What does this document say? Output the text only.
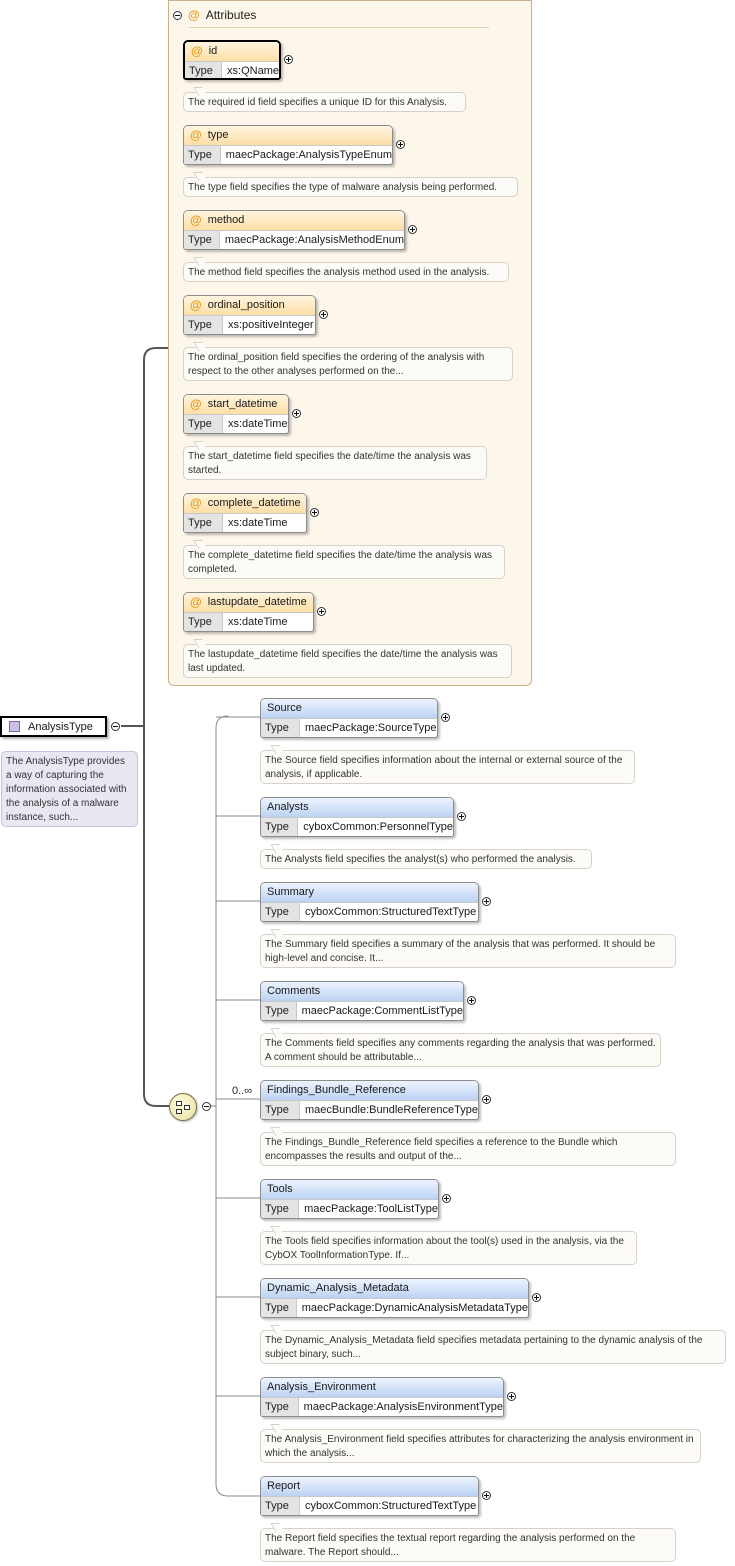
@ Attributes
@ id
Type	xs:QName
The required id field specifies a unique ID for this Analysis.
@ type
Type	maecPackage:AnalysisTypeEnum
The type field specifies the type of malware analysis being performed.
@ method
Type	maecPackage:AnalysisMethodEnum
The method field specifies the analysis method used in the analysis.
@ ordinal_position
Type	xs:positiveInteger
The ordinal_position field specifies the ordering of the analysis with respect to the other analyses performed on the...
@ start_datetime
Type	xs:dateTime
The start_datetime field specifies the date/time the analysis was started.
@ complete_datetime
Type	xs:dateTime
The complete_datetime field specifies the date/time the analysis was completed.
@ lastupdate_datetime
Type	xs:dateTime
The lastupdate_datetime field specifies the date/time the analysis was last updated.
Source
Type	maecPackage:SourceType
The Source field specifies information about the internal or external source of the analysis, if applicable.
Analysts
Type	cyboxCommon:PersonnelType
The Analysts field specifies the analyst(s) who performed the analysis.
Summary
Type	cyboxCommon:StructuredTextType
The Summary field specifies a summary of the analysis that was performed. It should be high-level and concise. It...
Comments
Type	maecPackage:CommentListType
The Comments field specifies any comments regarding the analysis that was performed. A comment should be attributable...
Findings_Bundle_Reference
Type	maecBundle:BundleReferenceType
The Findings_Bundle_Reference field specifies a reference to the Bundle which encompasses the results and output of the...
Tools
Type	maecPackage:ToolListType
The Tools field specifies information about the tool(s) used in the analysis, via the CybOX ToolInformationType. If...
Dynamic_Analysis_Metadata
Type	maecPackage:DynamicAnalysisMetadataType
The Dynamic_Analysis_Metadata field specifies metadata pertaining to the dynamic analysis of the subject binary, such...
Analysis_Environment
Type	maecPackage:AnalysisEnvironmentType
The Analysis_Environment field specifies attributes for characterizing the analysis environment in which the analysis...
Report
Type	cyboxCommon:StructuredTextType
The Report field specifies the textual report regarding the analysis performed on the malware. The Report should...
AnalysisType
The AnalysisType provides a way of capturing the information associated with the analysis of a malware instance, such...
0..∞
